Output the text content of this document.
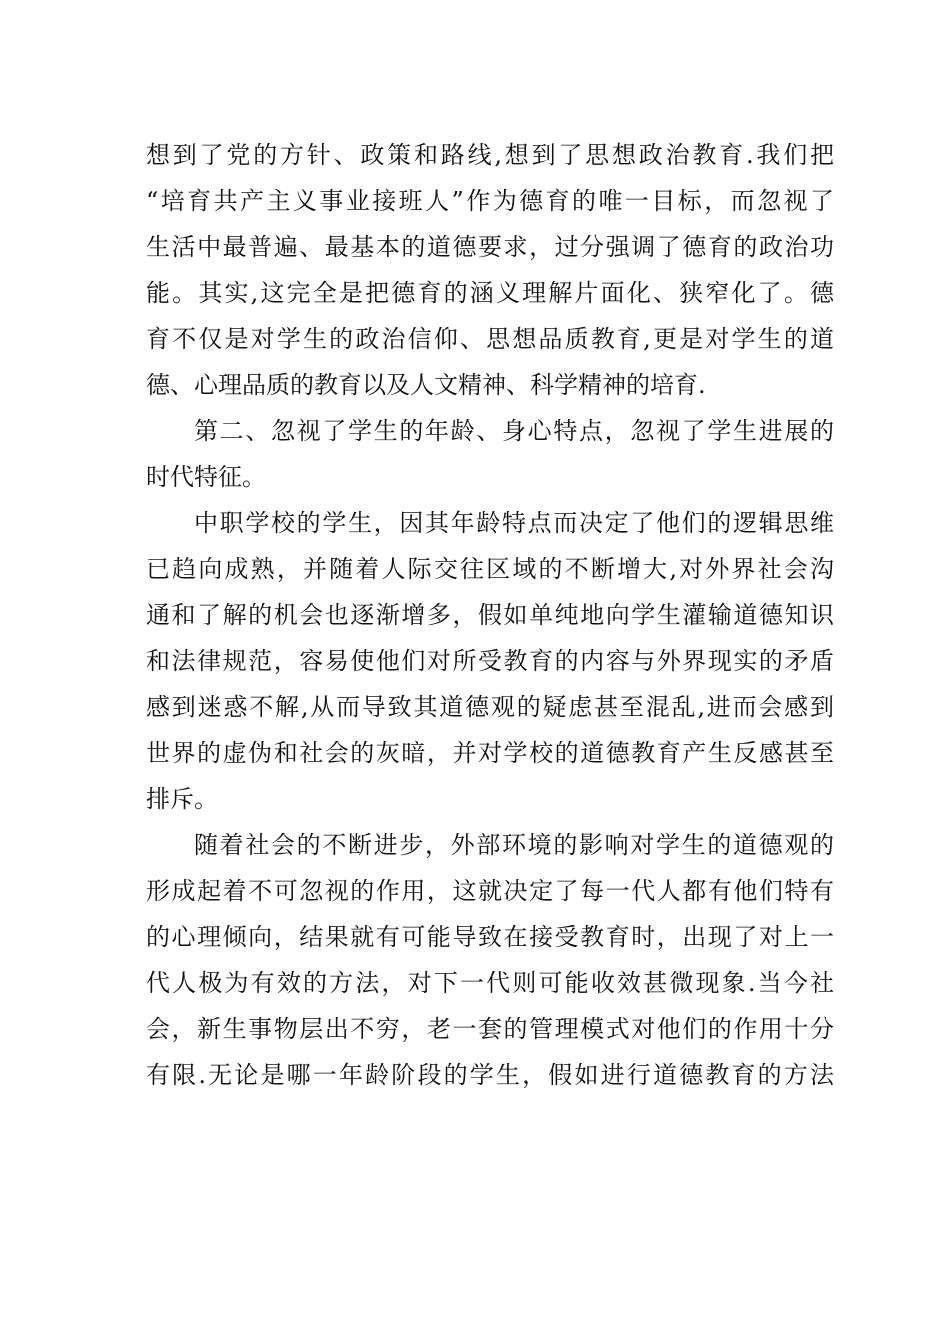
想到了党的方针、政策和路线,想到了思想政治教育.我们把
“培育共产主义事业接班人”作为德育的唯一目标，而忽视了
生活中最普遍、最基本的道德要求，过分强调了德育的政治功
能。其实,这完全是把德育的涵义理解片面化、狭窄化了。德
育不仅是对学生的政治信仰、思想品质教育,更是对学生的道
德、心理品质的教育以及人文精神、科学精神的培育.
第二、忽视了学生的年龄、身心特点，忽视了学生进展的
时代特征。
中职学校的学生，因其年龄特点而决定了他们的逻辑思维
已趋向成熟，并随着人际交往区域的不断增大,对外界社会沟
通和了解的机会也逐渐增多，假如单纯地向学生灌输道德知识
和法律规范，容易使他们对所受教育的内容与外界现实的矛盾
感到迷惑不解,从而导致其道德观的疑虑甚至混乱,进而会感到
世界的虚伪和社会的灰暗，并对学校的道德教育产生反感甚至
排斥。
随着社会的不断进步，外部环境的影响对学生的道德观的
形成起着不可忽视的作用，这就决定了每一代人都有他们特有
的心理倾向，结果就有可能导致在接受教育时，出现了对上一
代人极为有效的方法，对下一代则可能收效甚微现象.当今社
会，新生事物层出不穷，老一套的管理模式对他们的作用十分
有限.无论是哪一年龄阶段的学生，假如进行道德教育的方法
